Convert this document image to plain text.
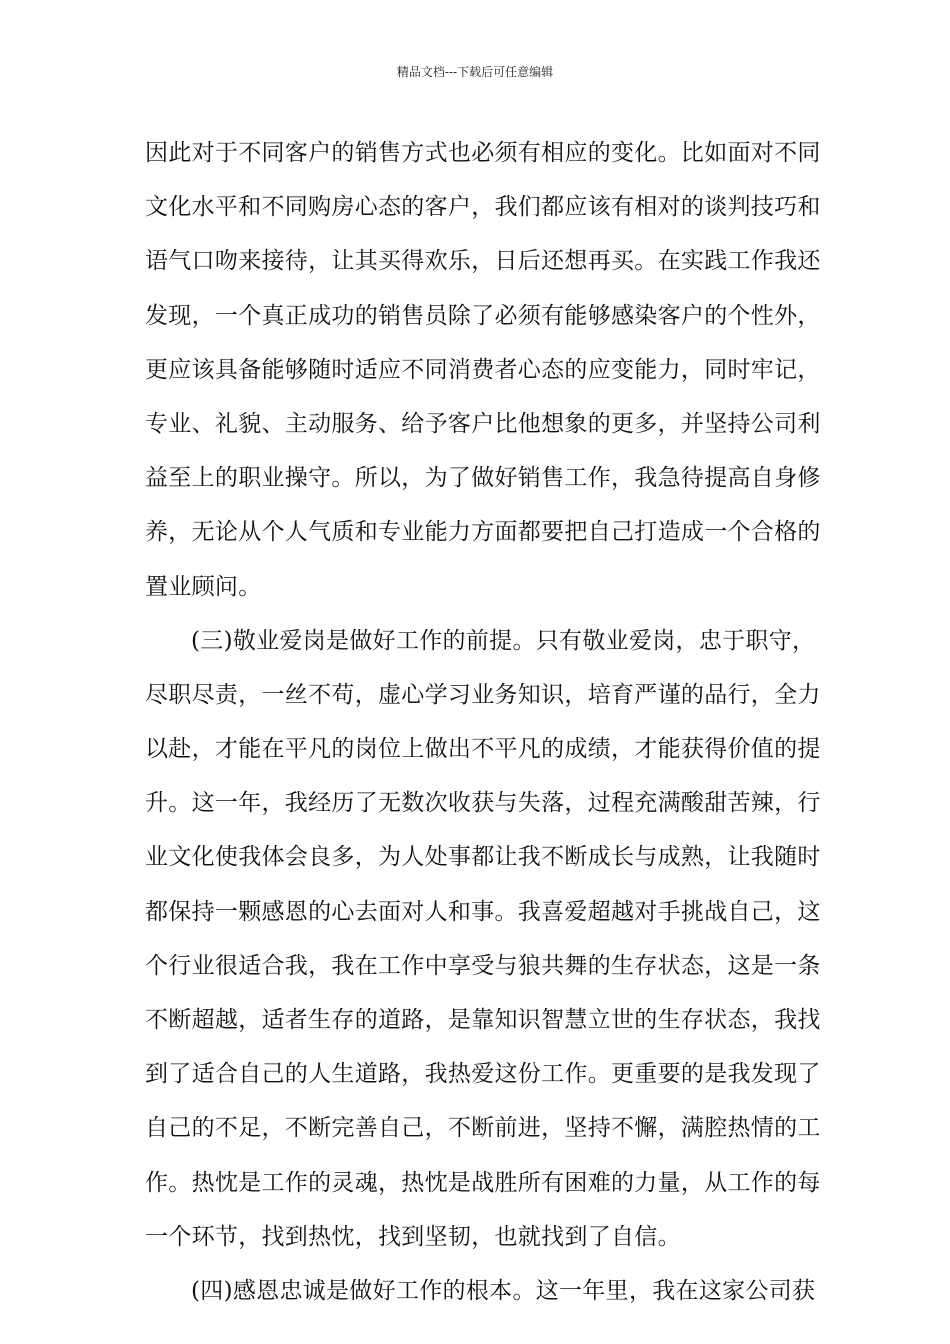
精品文档---下载后可任意编辑
因此对于不同客户的销售方式也必须有相应的变化。比如面对不同
文化水平和不同购房心态的客户，我们都应该有相对的谈判技巧和
语气口吻来接待，让其买得欢乐，日后还想再买。在实践工作我还
发现，一个真正成功的销售员除了必须有能够感染客户的个性外，
更应该具备能够随时适应不同消费者心态的应变能力，同时牢记，
专业、礼貌、主动服务、给予客户比他想象的更多，并坚持公司利
益至上的职业操守。所以，为了做好销售工作，我急待提高自身修
养，无论从个人气质和专业能力方面都要把自己打造成一个合格的
置业顾问。
(三)敬业爱岗是做好工作的前提。只有敬业爱岗，忠于职守，
尽职尽责，一丝不苟，虚心学习业务知识，培育严谨的品行，全力
以赴，才能在平凡的岗位上做出不平凡的成绩，才能获得价值的提
升。这一年，我经历了无数次收获与失落，过程充满酸甜苦辣，行
业文化使我体会良多，为人处事都让我不断成长与成熟，让我随时
都保持一颗感恩的心去面对人和事。我喜爱超越对手挑战自己，这
个行业很适合我，我在工作中享受与狼共舞的生存状态，这是一条
不断超越，适者生存的道路，是靠知识智慧立世的生存状态，我找
到了适合自己的人生道路，我热爱这份工作。更重要的是我发现了
自己的不足，不断完善自己，不断前进，坚持不懈，满腔热情的工
作。热忱是工作的灵魂，热忱是战胜所有困难的力量，从工作的每
一个环节，找到热忱，找到坚韧，也就找到了自信。
(四)感恩忠诚是做好工作的根本。这一年里，我在这家公司获
